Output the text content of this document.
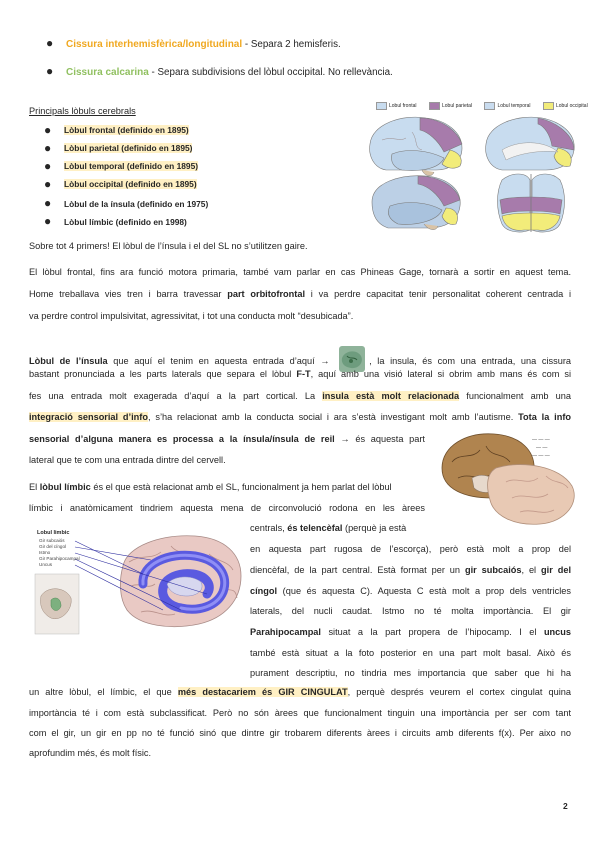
● Cissura interhemisfèrica/longitudinal - Separa 2 hemisferis.
● Cissura calcarina - Separa subdivisions del lòbul occipital. No rellevància.
Principals lòbuls cerebrals
● Lòbul frontal (definido en 1895)
● Lòbul parietal (definido en 1895)
● Lòbul temporal (definido en 1895)
● Lòbul occipital (definido en 1895)
● Lòbul de la ínsula (definido en 1975)
● Lòbul límbic (definido en 1998)
Lobul frontal	Lobul parietal	Lobul temporal	Lobul occipital
Sobre tot 4 primers! El lòbul de l’ínsula i el del SL no s’utilitzen gaire.
El lòbul frontal, fins ara funció motora primaria, també vam parlar en cas Phineas Gage, tornarà a sortir en aquest tema.
Home treballava vies tren i barra travessar part orbitofrontal i va perdre capacitat tenir personalitat coherent centrada i
va perdre control impulsivitat, agressivitat, i tot una conducta molt “desubicada”.
Lòbul de l’ínsula que aquí el tenim en aquesta entrada d’aquí →	, la insula, és com una entrada, una cissura
bastant pronunciada a les parts laterals que separa el lòbul F-T, aquí amb una visió lateral si obrim amb mans és com si
fes una entrada molt exagerada d’aquí a la part cortical. La insula està molt relacionada funcionalment amb una
integració sensorial d’info, s’ha relacionat amb la conducta social i ara s’està investigant molt amb l’autisme. Tota la info
sensorial d’alguna manera es processa a la ínsula/ínsula de reil → és aquesta part
lateral que te com una entrada dintre del cervell.
— — —
— —
— — —
El lòbul límbic és el que està relacionat amb el SL, funcionalment ja hem parlat del lòbul
límbic i anatòmicament tindriem aquesta mena de circonvolució rodona en les àrees
centrals, és telencèfal (perquè ja està
en aquesta part rugosa de l’escorça), però està molt a prop del
diencèfal, de la part central. Està format per un gir subcaiós, el gir del
cíngol (que és aquesta C). Aquesta C està molt a prop dels ventricles
laterals, del nucli caudat. Istmo no té molta importància. El gir
Parahipocampal situat a la part propera de l’hipocamp. I el uncus
també està situat a la foto posterior en una part molt basal. Això és
purament descriptiu, no tindria mes importancia que saber que hi ha
un altre lòbul, el límbic, el que més destacariem és GIR CINGULAT, perquè després veurem el cortex cingulat quina
importància té i com està subclassificat. Però no són àrees que funcionalment tinguin una importància per ser com tant
com el gir, un gir en pp no té funció sinó que dintre gir trobarem diferents àrees i circuits amb diferents f(x). Per aixo no
aprofundim més, és molt físic.
Lobul limbic
Gir subcaiós
Gir del cíngol
Istmo
Gir Parahipocampal
Uncus
2
